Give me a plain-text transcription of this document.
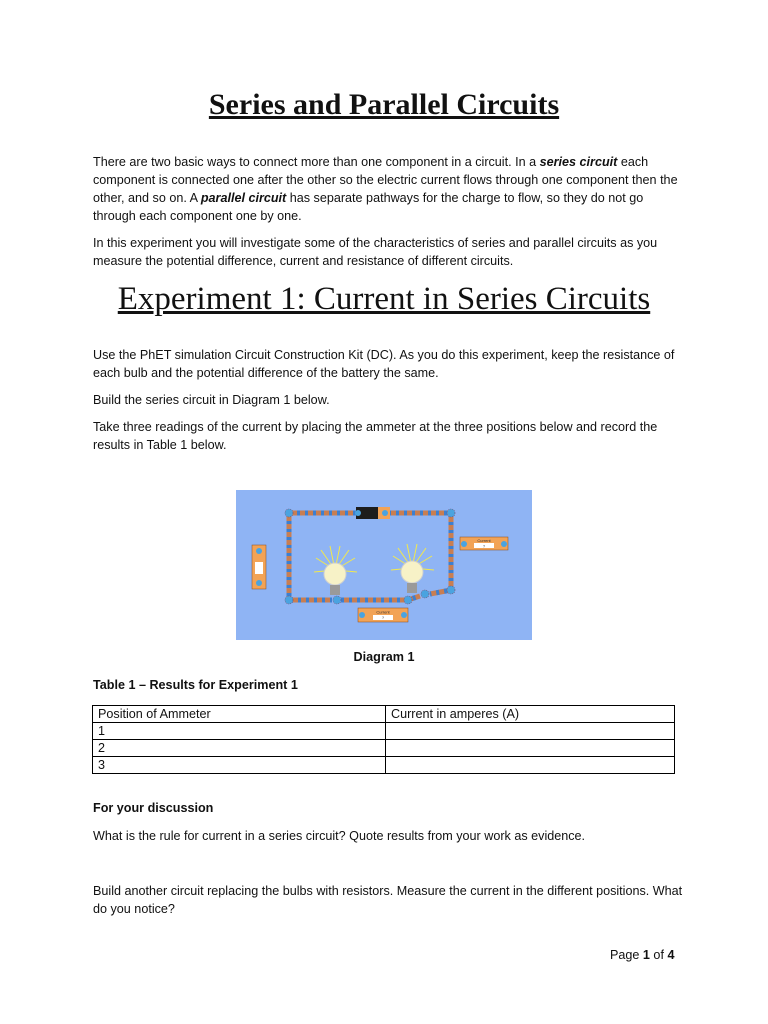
Series and Parallel Circuits

There are two basic ways to connect more than one component in a circuit. In a series circuit each component is connected one after the other so the electric current flows through one component then the other, and so on. A parallel circuit has separate pathways for the charge to flow, so they do not go through each component one by one.

In this experiment you will investigate some of the characteristics of series and parallel circuits as you measure the potential difference, current and resistance of different circuits.

Experiment 1: Current in Series Circuits

Use the PhET simulation Circuit Construction Kit (DC). As you do this experiment, keep the resistance of each bulb and the potential difference of the battery the same.

Build the series circuit in Diagram 1 below.

Take three readings of the current by placing the ammeter at the three positions below and record the results in Table 1 below.

Current
?
Current
?

Diagram 1

Table 1 – Results for Experiment 1

Position of Ammeter	Current in amperes (A)
1	
2	
3	

For your discussion

What is the rule for current in a series circuit? Quote results from your work as evidence.

Build another circuit replacing the bulbs with resistors. Measure the current in the different positions. What do you notice?

Page 1 of 4
